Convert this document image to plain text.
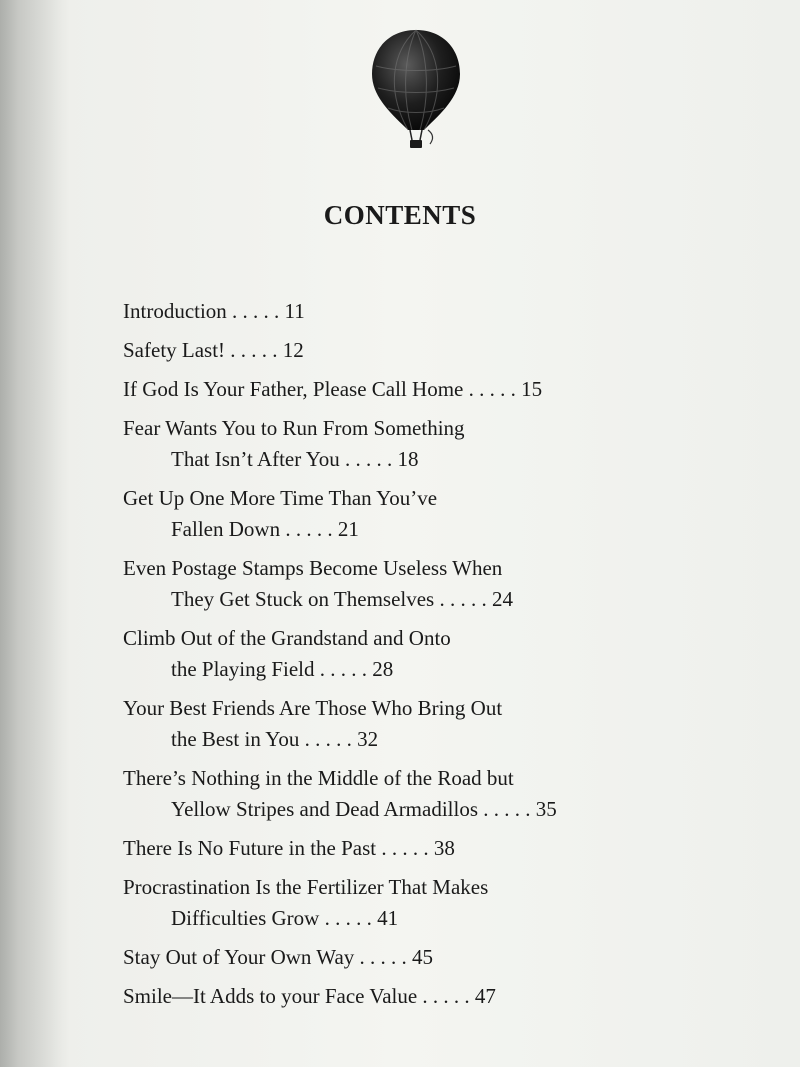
CONTENTS
Introduction . . . . . 11
Safety Last! . . . . . 12
If God Is Your Father, Please Call Home . . . . . 15
Fear Wants You to Run From Something
That Isn’t After You . . . . . 18
Get Up One More Time Than You’ve
Fallen Down . . . . . 21
Even Postage Stamps Become Useless When
They Get Stuck on Themselves . . . . . 24
Climb Out of the Grandstand and Onto
the Playing Field . . . . . 28
Your Best Friends Are Those Who Bring Out
the Best in You . . . . . 32
There’s Nothing in the Middle of the Road but
Yellow Stripes and Dead Armadillos . . . . . 35
There Is No Future in the Past . . . . . 38
Procrastination Is the Fertilizer That Makes
Difficulties Grow . . . . . 41
Stay Out of Your Own Way . . . . . 45
Smile—It Adds to your Face Value . . . . . 47
